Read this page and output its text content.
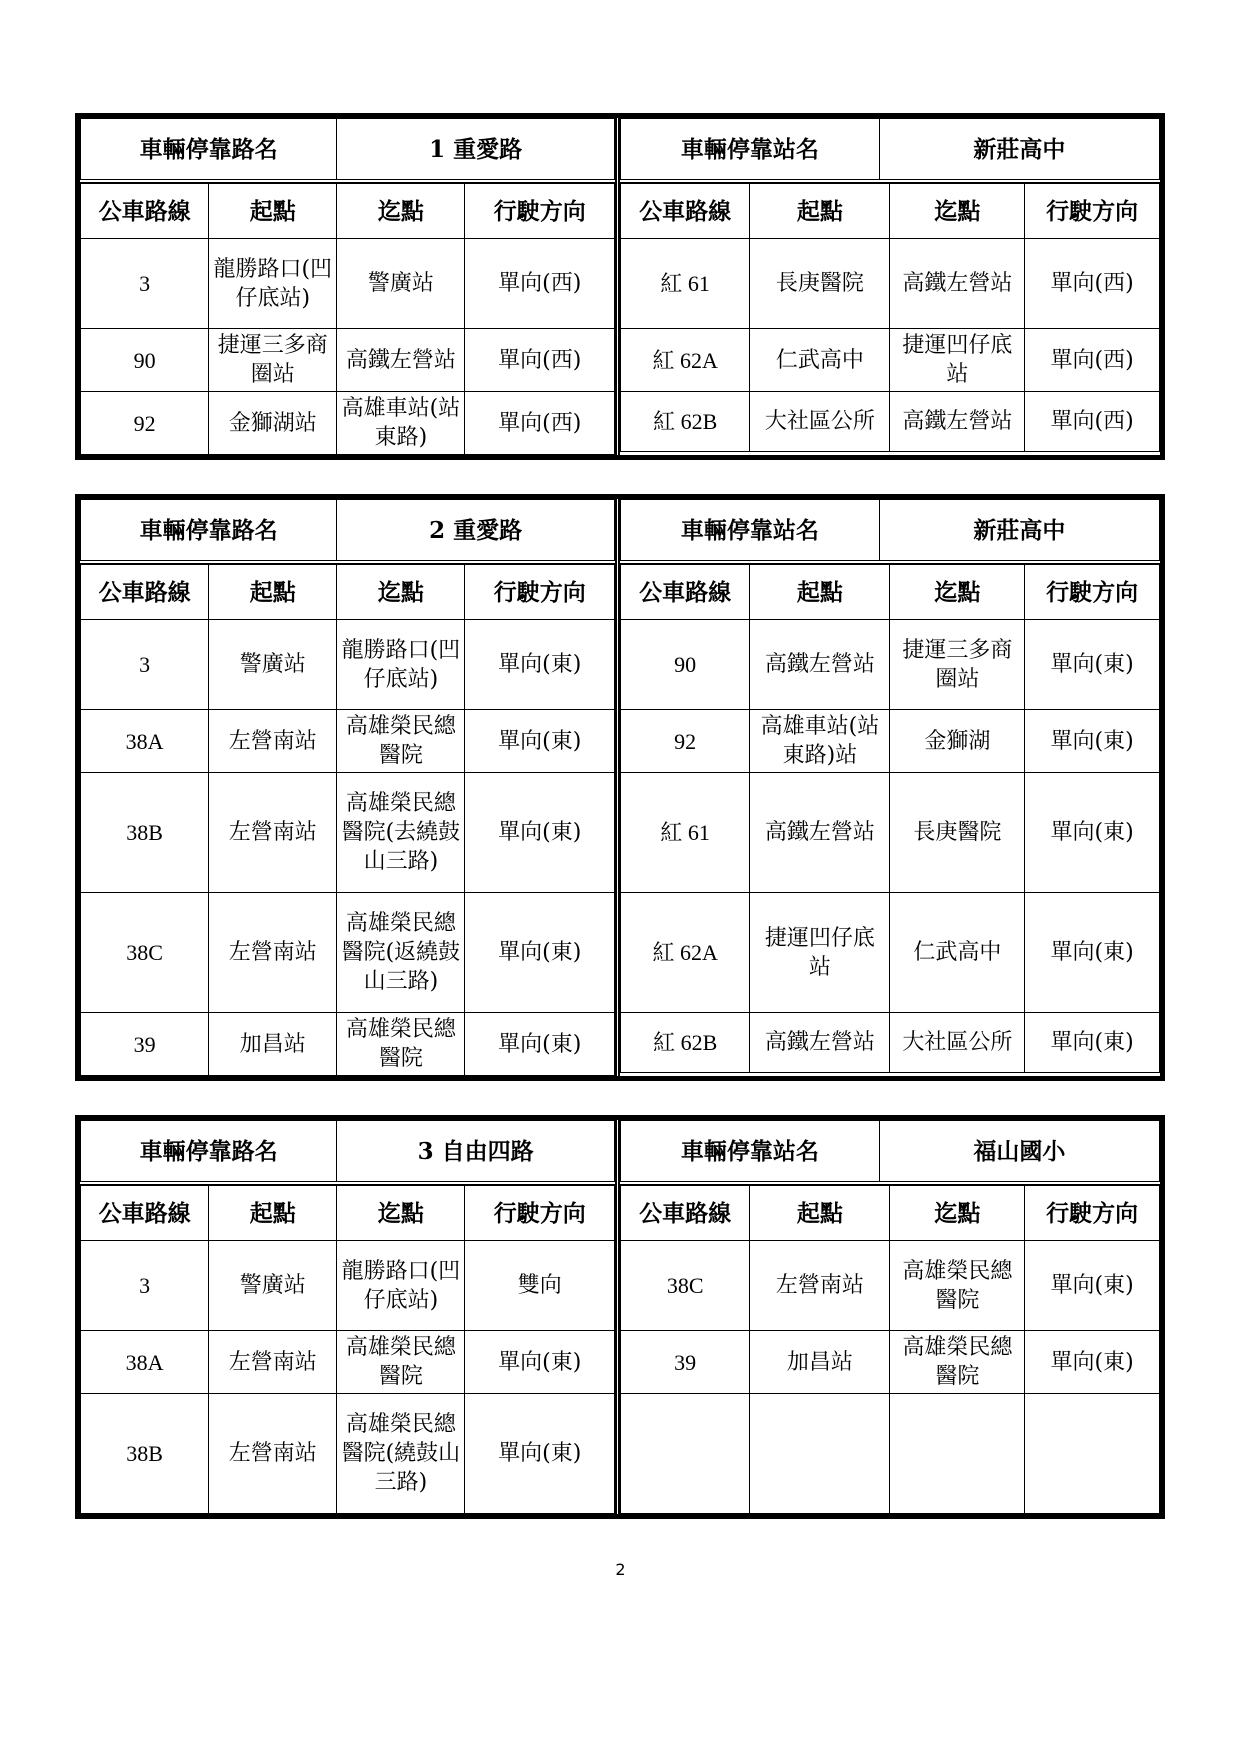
車輛停靠路名	1 重愛路
公車路線	起點	迄點	行駛方向
3	龍勝路口(凹仔底站)	警廣站	單向(西)
90	捷運三多商圈站	高鐵左營站	單向(西)
92	金獅湖站	高雄車站(站東路)	單向(西)
車輛停靠站名	新莊高中
公車路線	起點	迄點	行駛方向
紅 61	長庚醫院	高鐵左營站	單向(西)
紅 62A	仁武高中	捷運凹仔底站	單向(西)
紅 62B	大社區公所	高鐵左營站	單向(西)
車輛停靠路名	2 重愛路
公車路線	起點	迄點	行駛方向
3	警廣站	龍勝路口(凹仔底站)	單向(東)
38A	左營南站	高雄榮民總醫院	單向(東)
38B	左營南站	高雄榮民總醫院(去繞鼓山三路)	單向(東)
38C	左營南站	高雄榮民總醫院(返繞鼓山三路)	單向(東)
39	加昌站	高雄榮民總醫院	單向(東)
車輛停靠站名	新莊高中
公車路線	起點	迄點	行駛方向
90	高鐵左營站	捷運三多商圈站	單向(東)
92	高雄車站(站東路)站	金獅湖	單向(東)
紅 61	高鐵左營站	長庚醫院	單向(東)
紅 62A	捷運凹仔底站	仁武高中	單向(東)
紅 62B	高鐵左營站	大社區公所	單向(東)
車輛停靠路名	3 自由四路
公車路線	起點	迄點	行駛方向
3	警廣站	龍勝路口(凹仔底站)	雙向
38A	左營南站	高雄榮民總醫院	單向(東)
38B	左營南站	高雄榮民總醫院(繞鼓山三路)	單向(東)
車輛停靠站名	福山國小
公車路線	起點	迄點	行駛方向
38C	左營南站	高雄榮民總醫院	單向(東)
39	加昌站	高雄榮民總醫院	單向(東)

2
